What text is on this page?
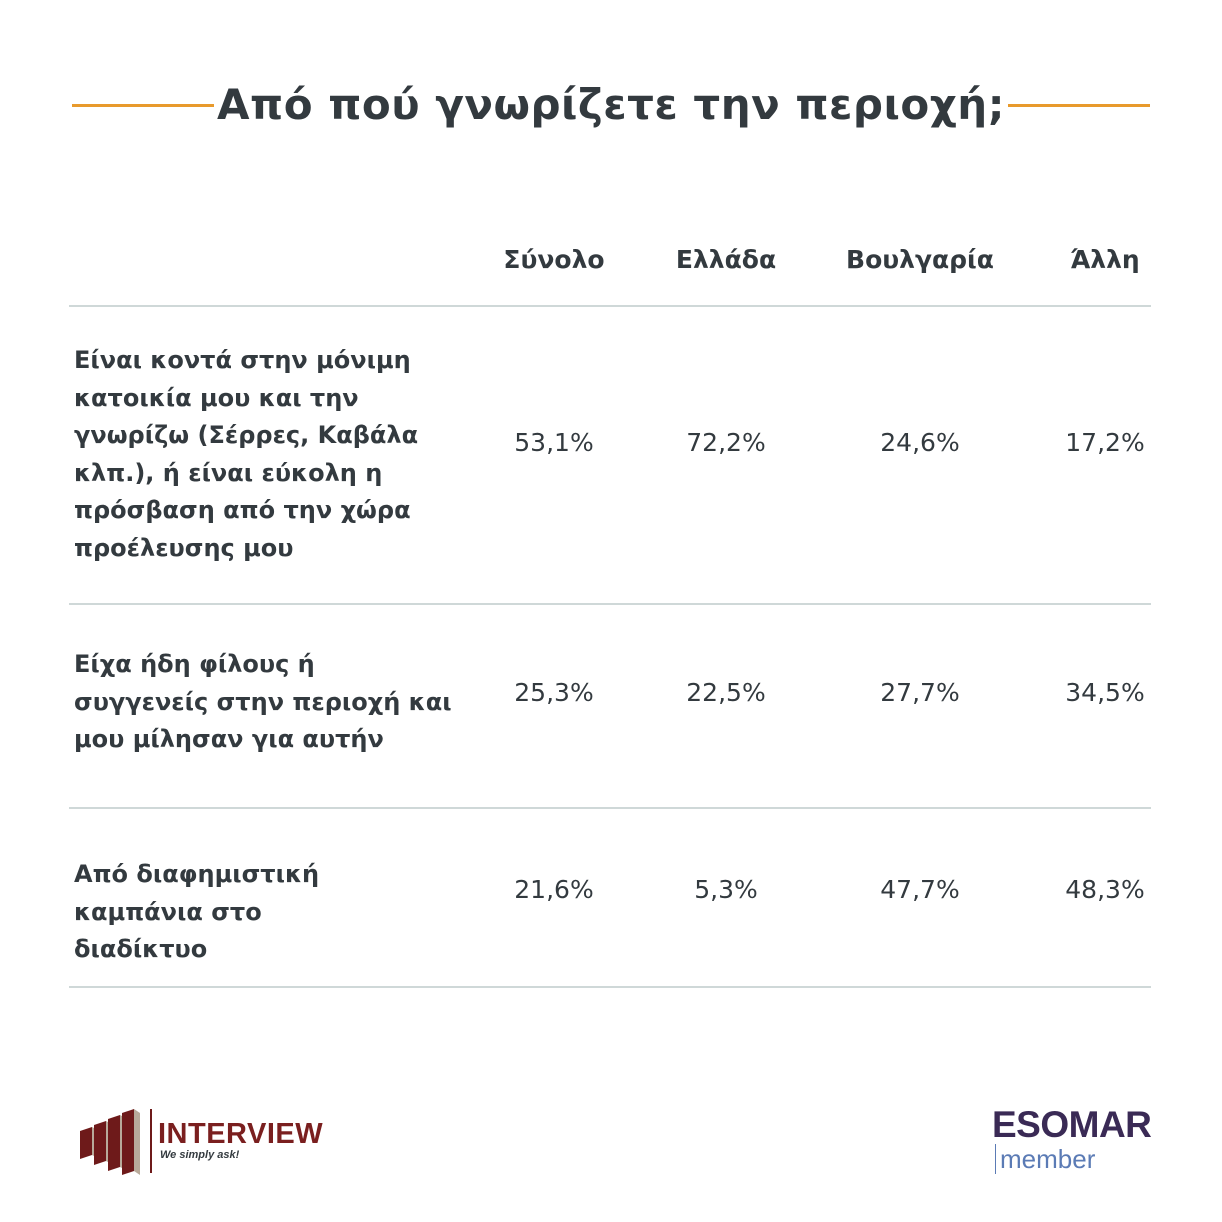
Από πού γνωρίζετε την περιοχή;
Σύνολο	Ελλάδα	Βουλγαρία	Άλλη
Είναι κοντά στην μόνιμη κατοικία μου και την γνωρίζω (Σέρρες, Καβάλα κλπ.), ή είναι εύκολη η πρόσβαση από την χώρα προέλευσης μου
53,1%	72,2%	24,6%	17,2%
Είχα ήδη φίλους ή συγγενείς στην περιοχή και μου μίλησαν για αυτήν
25,3%	22,5%	27,7%	34,5%
Από διαφημιστική καμπάνια στο διαδίκτυο
21,6%	5,3%	47,7%	48,3%
INTERVIEW
We simply ask!
ESOMAR
member
